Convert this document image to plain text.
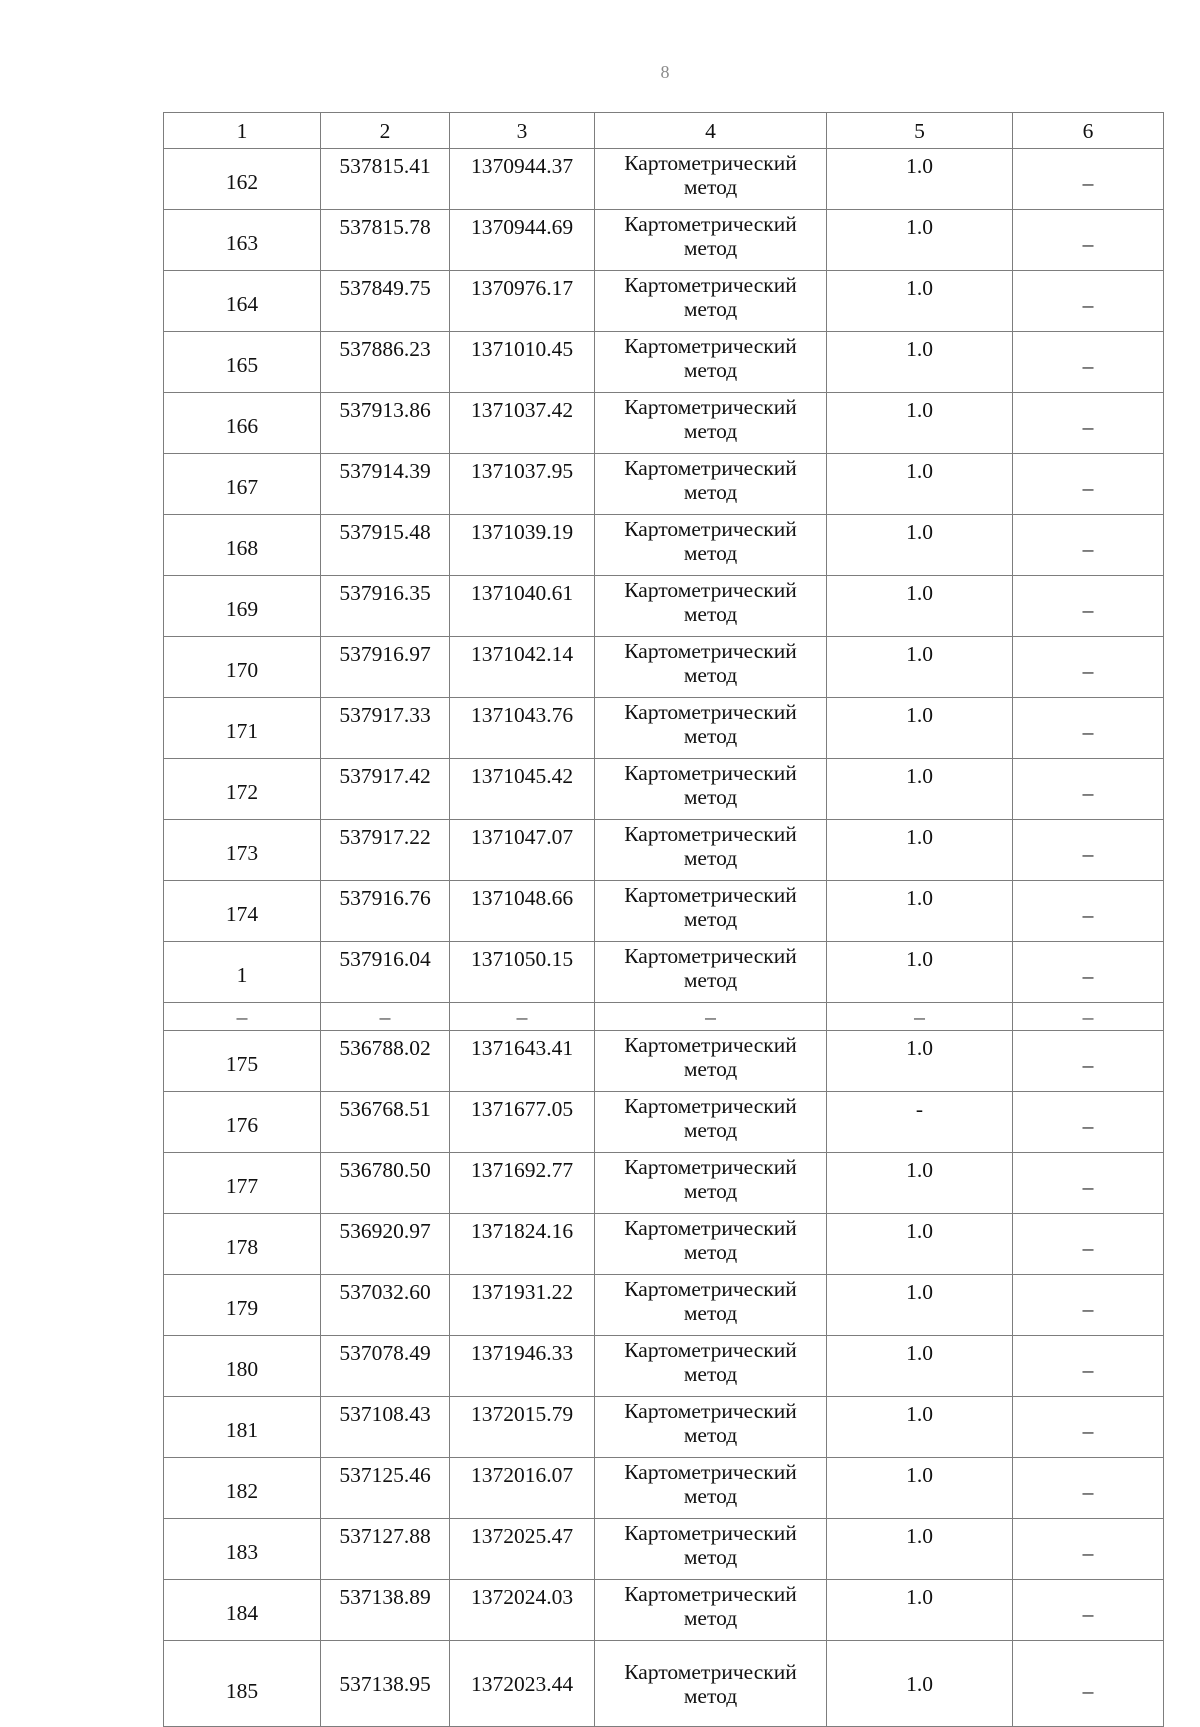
8
1	2	3	4	5	6
162	537815.41	1370944.37	Картометрический
метод	1.0	–
163	537815.78	1370944.69	Картометрический
метод	1.0	–
164	537849.75	1370976.17	Картометрический
метод	1.0	–
165	537886.23	1371010.45	Картометрический
метод	1.0	–
166	537913.86	1371037.42	Картометрический
метод	1.0	–
167	537914.39	1371037.95	Картометрический
метод	1.0	–
168	537915.48	1371039.19	Картометрический
метод	1.0	–
169	537916.35	1371040.61	Картометрический
метод	1.0	–
170	537916.97	1371042.14	Картометрический
метод	1.0	–
171	537917.33	1371043.76	Картометрический
метод	1.0	–
172	537917.42	1371045.42	Картометрический
метод	1.0	–
173	537917.22	1371047.07	Картометрический
метод	1.0	–
174	537916.76	1371048.66	Картометрический
метод	1.0	–
1	537916.04	1371050.15	Картометрический
метод	1.0	–
–	–	–	–	–	–
175	536788.02	1371643.41	Картометрический
метод	1.0	–
176	536768.51	1371677.05	Картометрический
метод	-	–
177	536780.50	1371692.77	Картометрический
метод	1.0	–
178	536920.97	1371824.16	Картометрический
метод	1.0	–
179	537032.60	1371931.22	Картометрический
метод	1.0	–
180	537078.49	1371946.33	Картометрический
метод	1.0	–
181	537108.43	1372015.79	Картометрический
метод	1.0	–
182	537125.46	1372016.07	Картометрический
метод	1.0	–
183	537127.88	1372025.47	Картометрический
метод	1.0	–
184	537138.89	1372024.03	Картометрический
метод	1.0	–
185	537138.95	1372023.44	Картометрический
метод	1.0	–
